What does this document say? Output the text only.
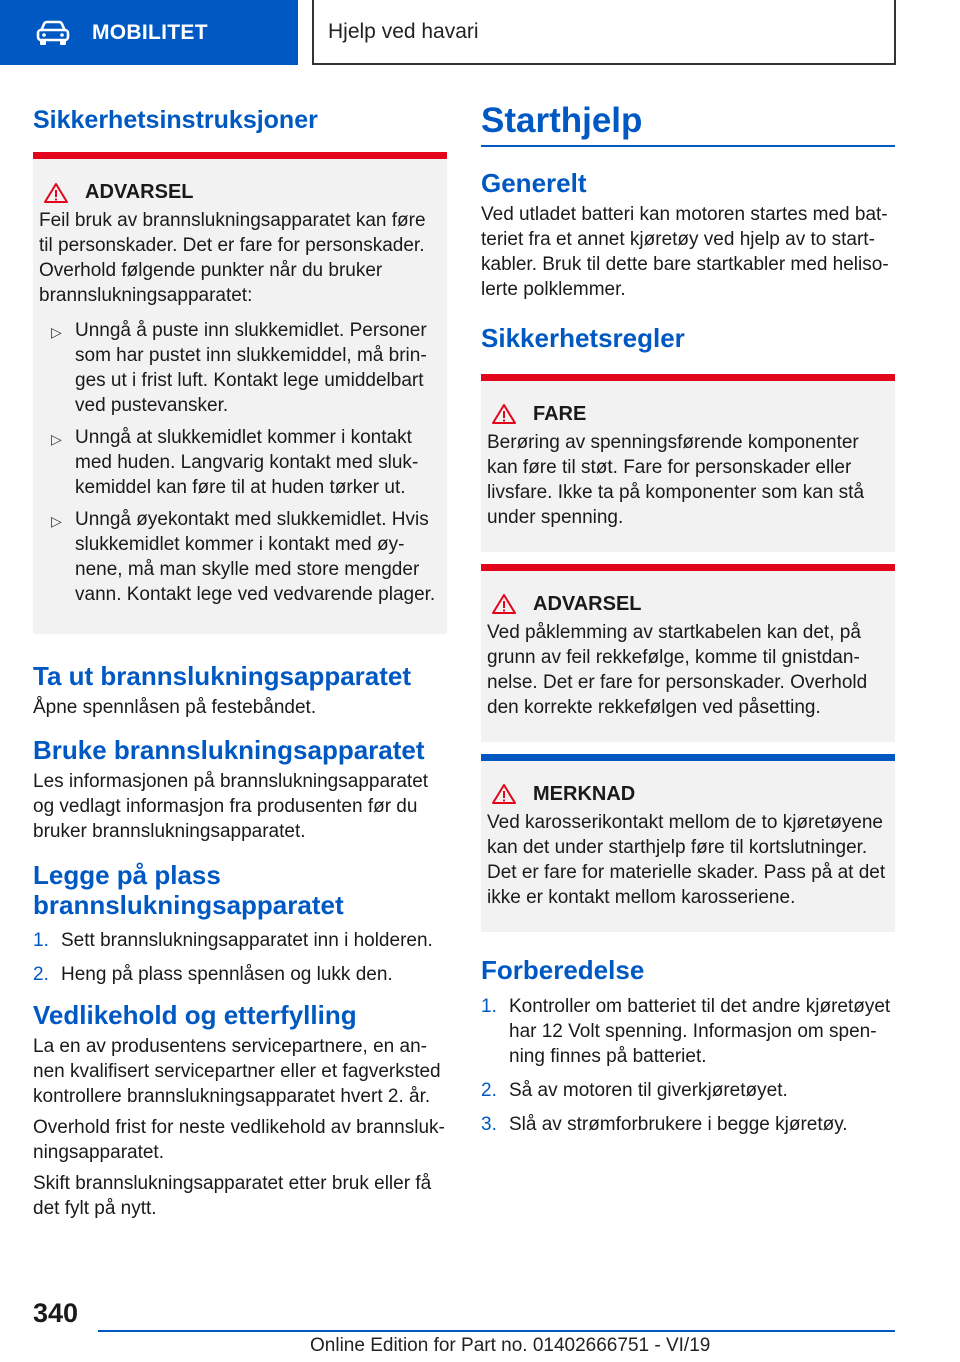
MOBILITET	Hjelp ved havari
Sikkerhetsinstruksjoner
ADVARSEL

Feil bruk av brannslukningsapparatet kan føre til personskader. Det er fare for personskader. Overhold følgende punkter når du bruker brannslukningsapparatet:

▷ Unngå å puste inn slukkemidlet. Personer som har pustet inn slukkemiddel, må bringes ut i frist luft. Kontakt lege umiddelbart ved pustevansker.
▷ Unngå at slukkemidlet kommer i kontakt med huden. Langvarig kontakt med slukkemiddel kan føre til at huden tørker ut.
▷ Unngå øyekontakt med slukkemidlet. Hvis slukkemidlet kommer i kontakt med øynene, må man skylle med store mengder vann. Kontakt lege ved vedvarende plager.
Ta ut brannslukningsapparatet

Åpne spennlåsen på festebåndet.

Bruke brannslukningsapparatet

Les informasjonen på brannslukningsapparatet og vedlagt informasjon fra produsenten før du bruker brannslukningsapparatet.

Legge på plass brannslukningsapparatet
1. Sett brannslukningsapparatet inn i holderen.
2. Heng på plass spennlåsen og lukk den.
Vedlikehold og etterfylling

La en av produsentens servicepartnere, en annen kvalifisert servicepartner eller et fagverksted kontrollere brannslukningsapparatet hvert 2. år.

Overhold frist for neste vedlikehold av brannslukningsapparatet.

Skift brannslukningsapparatet etter bruk eller få det fylt på nytt.

Starthjelp
Generelt

Ved utladet batteri kan motoren startes med batteriet fra et annet kjøretøy ved hjelp av to startkabler. Bruk til dette bare startkabler med helisolerte polklemmer.

Sikkerhetsregler
FARE

Berøring av spenningsførende komponenter kan føre til støt. Fare for personskader eller livsfare. Ikke ta på komponenter som kan stå under spenning.

ADVARSEL

Ved påklemming av startkabelen kan det, på grunn av feil rekkefølge, komme til gnistdannelse. Det er fare for personskader. Overhold den korrekte rekkefølgen ved påsetting.

MERKNAD

Ved karosserikontakt mellom de to kjøretøyene kan det under starthjelp føre til kortslutninger. Det er fare for materielle skader. Pass på at det ikke er kontakt mellom karosseriene.

Forberedelse
1. Kontroller om batteriet til det andre kjøretøyet har 12 Volt spenning. Informasjon om spenning finnes på batteriet.
2. Så av motoren til giverkjøretøyet.
3. Slå av strømforbrukere i begge kjøretøy.
340
Online Edition for Part no. 01402666751 - VI/19
